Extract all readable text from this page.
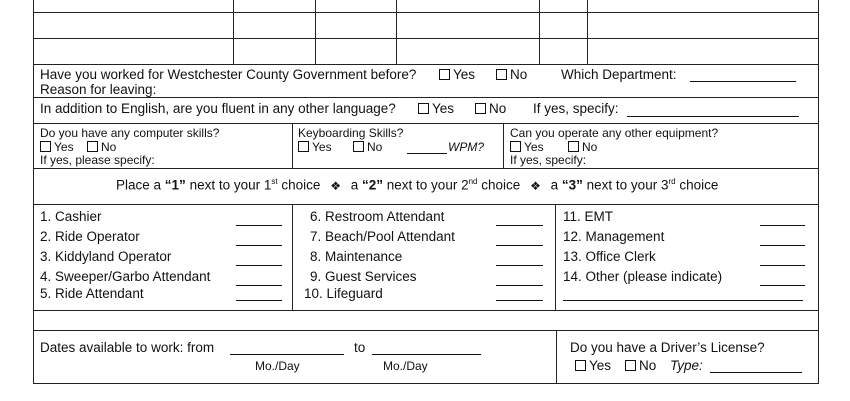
Have you worked for Westchester County Government before?	Yes	No Which Department:
Reason for leaving:
In addition to English, are you fluent in any other language?	Yes	No If yes, specify:
Do you have any computer skills?
Yes	No
If yes, please specify:
Keyboarding Skills?
Yes	No	WPM?
Can you operate any other equipment?
Yes	No
If yes, specify:
Place a “1” next to your 1st choice ❖ a “2” next to your 2nd choice ❖ a “3” next to your 3rd choice
1. Cashier
2. Ride Operator
3. Kiddyland Operator
4. Sweeper/Garbo Attendant
5. Ride Attendant
6. Restroom Attendant
7. Beach/Pool Attendant
8. Maintenance
9. Guest Services
10. Lifeguard
11. EMT
12. Management
13. Office Clerk
14. Other (please indicate)
Dates available to work: from	to
Mo./Day	Mo./Day
Do you have a Driver’s License?
Yes	No Type:
